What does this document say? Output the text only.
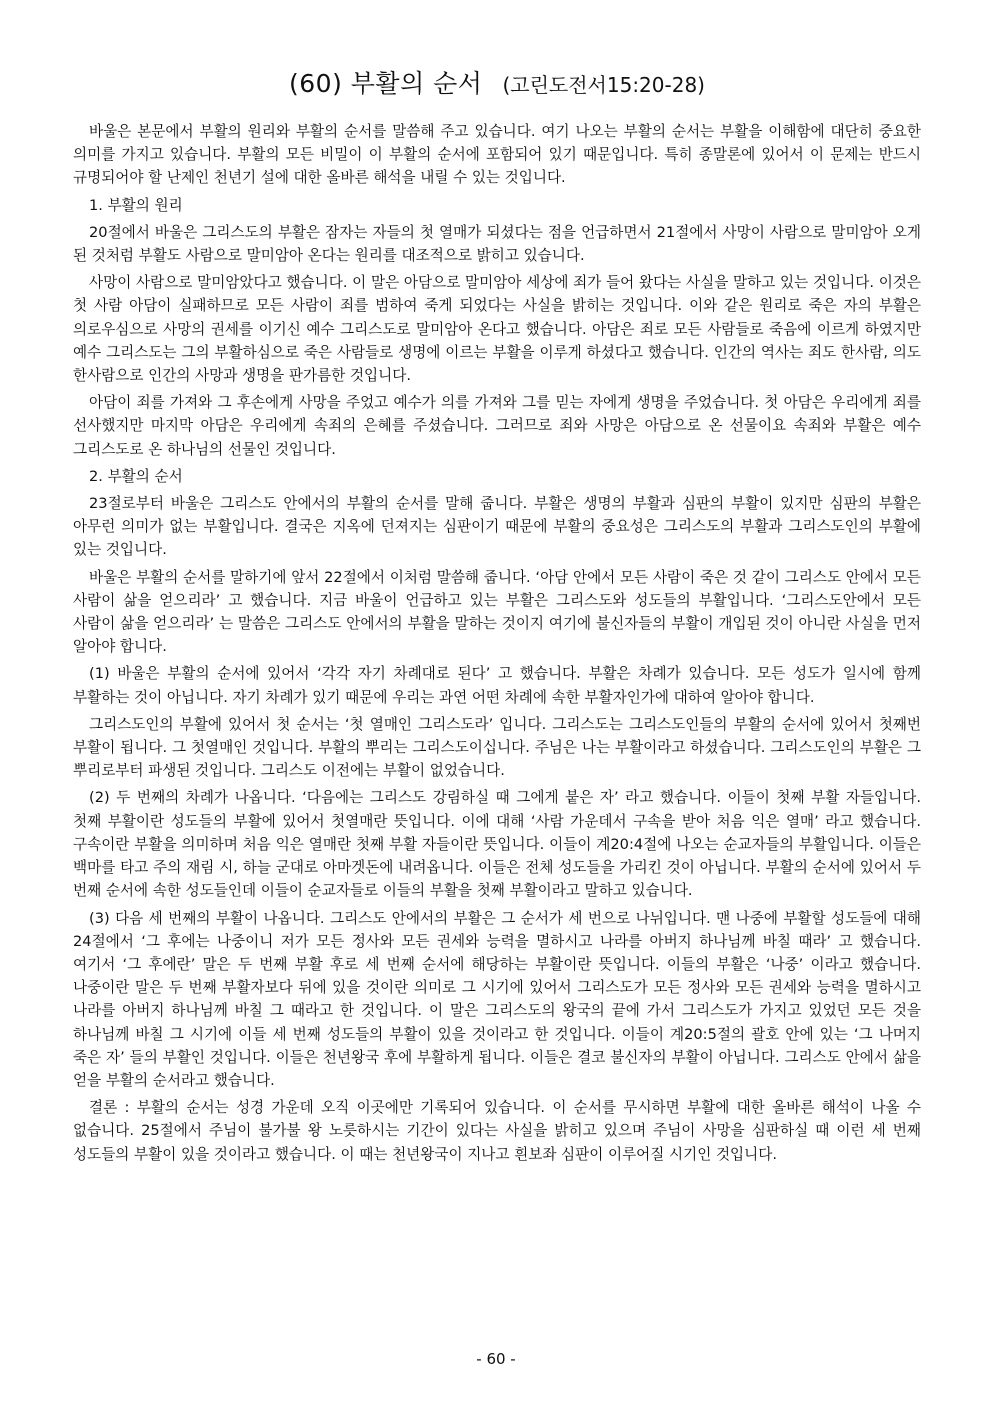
(60) 부활의 순서 (고린도전서15:20-28)

바울은 본문에서 부활의 원리와 부활의 순서를 말씀해 주고 있습니다. 여기 나오는 부활의 순서는 부활을 이해함에 대단히 중요한 의미를 가지고 있습니다. 부활의 모든 비밀이 이 부활의 순서에 포함되어 있기 때문입니다. 특히 종말론에 있어서 이 문제는 반드시 규명되어야 할 난제인 천년기 설에 대한 올바른 해석을 내릴 수 있는 것입니다.

1. 부활의 원리

20절에서 바울은 그리스도의 부활은 잠자는 자들의 첫 열매가 되셨다는 점을 언급하면서 21절에서 사망이 사람으로 말미암아 오게 된 것처럼 부활도 사람으로 말미암아 온다는 원리를 대조적으로 밝히고 있습니다.

사망이 사람으로 말미암았다고 했습니다. 이 말은 아담으로 말미암아 세상에 죄가 들어 왔다는 사실을 말하고 있는 것입니다. 이것은 첫 사람 아담이 실패하므로 모든 사람이 죄를 범하여 죽게 되었다는 사실을 밝히는 것입니다. 이와 같은 원리로 죽은 자의 부활은 의로우심으로 사망의 권세를 이기신 예수 그리스도로 말미암아 온다고 했습니다. 아담은 죄로 모든 사람들로 죽음에 이르게 하였지만 예수 그리스도는 그의 부활하심으로 죽은 사람들로 생명에 이르는 부활을 이루게 하셨다고 했습니다. 인간의 역사는 죄도 한사람, 의도 한사람으로 인간의 사망과 생명을 판가름한 것입니다.

아담이 죄를 가져와 그 후손에게 사망을 주었고 예수가 의를 가져와 그를 믿는 자에게 생명을 주었습니다. 첫 아담은 우리에게 죄를 선사했지만 마지막 아담은 우리에게 속죄의 은혜를 주셨습니다. 그러므로 죄와 사망은 아담으로 온 선물이요 속죄와 부활은 예수 그리스도로 온 하나님의 선물인 것입니다.

2. 부활의 순서

23절로부터 바울은 그리스도 안에서의 부활의 순서를 말해 줍니다. 부활은 생명의 부활과 심판의 부활이 있지만 심판의 부활은 아무런 의미가 없는 부활입니다. 결국은 지옥에 던져지는 심판이기 때문에 부활의 중요성은 그리스도의 부활과 그리스도인의 부활에 있는 것입니다.

바울은 부활의 순서를 말하기에 앞서 22절에서 이처럼 말씀해 줍니다. ‘아담 안에서 모든 사람이 죽은 것 같이 그리스도 안에서 모든 사람이 삶을 얻으리라’ 고 했습니다. 지금 바울이 언급하고 있는 부활은 그리스도와 성도들의 부활입니다. ‘그리스도안에서 모든 사람이 삶을 얻으리라’ 는 말씀은 그리스도 안에서의 부활을 말하는 것이지 여기에 불신자들의 부활이 개입된 것이 아니란 사실을 먼저 알아야 합니다.

(1) 바울은 부활의 순서에 있어서 ‘각각 자기 차례대로 된다’ 고 했습니다. 부활은 차례가 있습니다. 모든 성도가 일시에 함께 부활하는 것이 아닙니다. 자기 차례가 있기 때문에 우리는 과연 어떤 차례에 속한 부활자인가에 대하여 알아야 합니다.

그리스도인의 부활에 있어서 첫 순서는 ‘첫 열매인 그리스도라’ 입니다. 그리스도는 그리스도인들의 부활의 순서에 있어서 첫째번 부활이 됩니다. 그 첫열매인 것입니다. 부활의 뿌리는 그리스도이십니다. 주님은 나는 부활이라고 하셨습니다. 그리스도인의 부활은 그 뿌리로부터 파생된 것입니다. 그리스도 이전에는 부활이 없었습니다.

(2) 두 번째의 차례가 나옵니다. ‘다음에는 그리스도 강림하실 때 그에게 붙은 자’ 라고 했습니다. 이들이 첫째 부활 자들입니다. 첫째 부활이란 성도들의 부활에 있어서 첫열매란 뜻입니다. 이에 대해 ‘사람 가운데서 구속을 받아 처음 익은 열매’ 라고 했습니다. 구속이란 부활을 의미하며 처음 익은 열매란 첫째 부활 자들이란 뜻입니다. 이들이 계20:4절에 나오는 순교자들의 부활입니다. 이들은 백마를 타고 주의 재림 시, 하늘 군대로 아마겟돈에 내려옵니다. 이들은 전체 성도들을 가리킨 것이 아닙니다. 부활의 순서에 있어서 두 번째 순서에 속한 성도들인데 이들이 순교자들로 이들의 부활을 첫째 부활이라고 말하고 있습니다.

(3) 다음 세 번째의 부활이 나옵니다. 그리스도 안에서의 부활은 그 순서가 세 번으로 나뉘입니다. 맨 나중에 부활할 성도들에 대해 24절에서 ‘그 후에는 나중이니 저가 모든 정사와 모든 권세와 능력을 멸하시고 나라를 아버지 하나님께 바칠 때라’ 고 했습니다. 여기서 ‘그 후에란’ 말은 두 번째 부활 후로 세 번째 순서에 해당하는 부활이란 뜻입니다. 이들의 부활은 ‘나중’ 이라고 했습니다. 나중이란 말은 두 번째 부활자보다 뒤에 있을 것이란 의미로 그 시기에 있어서 그리스도가 모든 정사와 모든 권세와 능력을 멸하시고 나라를 아버지 하나님께 바칠 그 때라고 한 것입니다. 이 말은 그리스도의 왕국의 끝에 가서 그리스도가 가지고 있었던 모든 것을 하나님께 바칠 그 시기에 이들 세 번째 성도들의 부활이 있을 것이라고 한 것입니다. 이들이 계20:5절의 괄호 안에 있는 ‘그 나머지 죽은 자’ 들의 부활인 것입니다. 이들은 천년왕국 후에 부활하게 됩니다. 이들은 결코 불신자의 부활이 아닙니다. 그리스도 안에서 삶을 얻을 부활의 순서라고 했습니다.

결론 : 부활의 순서는 성경 가운데 오직 이곳에만 기록되어 있습니다. 이 순서를 무시하면 부활에 대한 올바른 해석이 나올 수 없습니다. 25절에서 주님이 불가불 왕 노릇하시는 기간이 있다는 사실을 밝히고 있으며 주님이 사망을 심판하실 때 이런 세 번째 성도들의 부활이 있을 것이라고 했습니다. 이 때는 천년왕국이 지나고 흰보좌 심판이 이루어질 시기인 것입니다.

- 60 -
